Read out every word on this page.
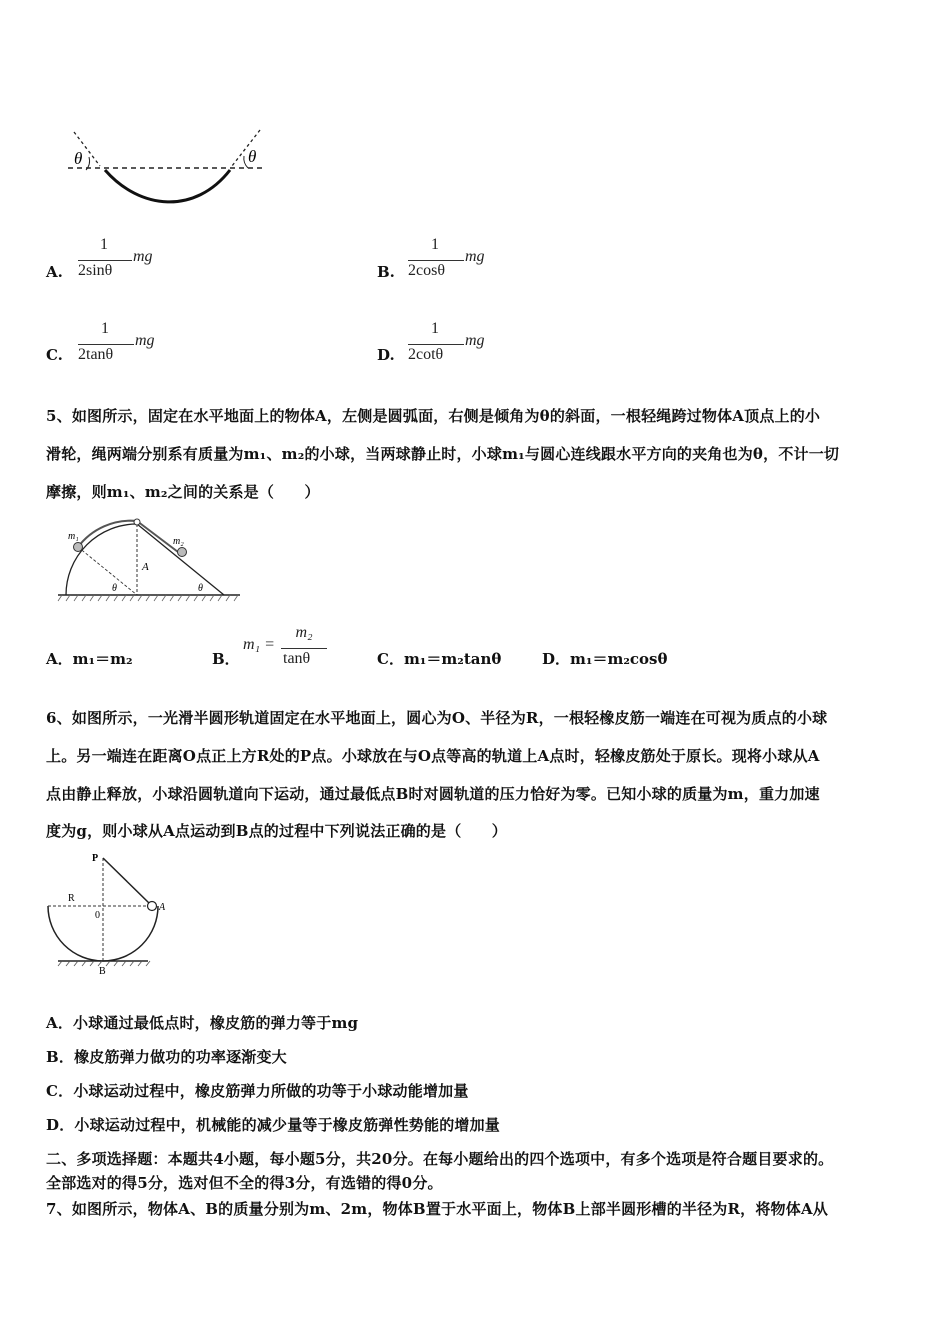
θ	θ
A.
1
2sinθ
mg
B.
1
2cosθ
mg
C.
1
2tanθ
mg
D.
1
2cotθ
mg
5、如图所示，固定在水平地面上的物体A，左侧是圆弧面，右侧是倾角为θ的斜面，一根轻绳跨过物体A顶点上的小
滑轮，绳两端分别系有质量为m₁、m₂的小球，当两球静止时，小球m₁与圆心连线跟水平方向的夹角也为θ，不计一切
摩擦，则m₁、m₂之间的关系是（　　）
m₁	m₂
A
θ	θ
A．m₁＝m₂	B．
m₁ =
m₂
tanθ	C．m₁＝m₂tanθ	D．m₁＝m₂cosθ
6、如图所示，一光滑半圆形轨道固定在水平地面上，圆心为O、半径为R，一根轻橡皮筋一端连在可视为质点的小球
上。另一端连在距离O点正上方R处的P点。小球放在与O点等高的轨道上A点时，轻橡皮筋处于原长。现将小球从A
点由静止释放，小球沿圆轨道向下运动，通过最低点B时对圆轨道的压力恰好为零。已知小球的质量为m，重力加速
度为g，则小球从A点运动到B点的过程中下列说法正确的是（　　）
P
R
0
A
B
A．小球通过最低点时，橡皮筋的弹力等于mg
B．橡皮筋弹力做功的功率逐渐变大
C．小球运动过程中，橡皮筋弹力所做的功等于小球动能增加量
D．小球运动过程中，机械能的减少量等于橡皮筋弹性势能的增加量
二、多项选择题：本题共4小题，每小题5分，共20分。在每小题给出的四个选项中，有多个选项是符合题目要求的。
全部选对的得5分，选对但不全的得3分，有选错的得0分。
7、如图所示，物体A、B的质量分别为m、2m，物体B置于水平面上，物体B上部半圆形槽的半径为R，将物体A从
